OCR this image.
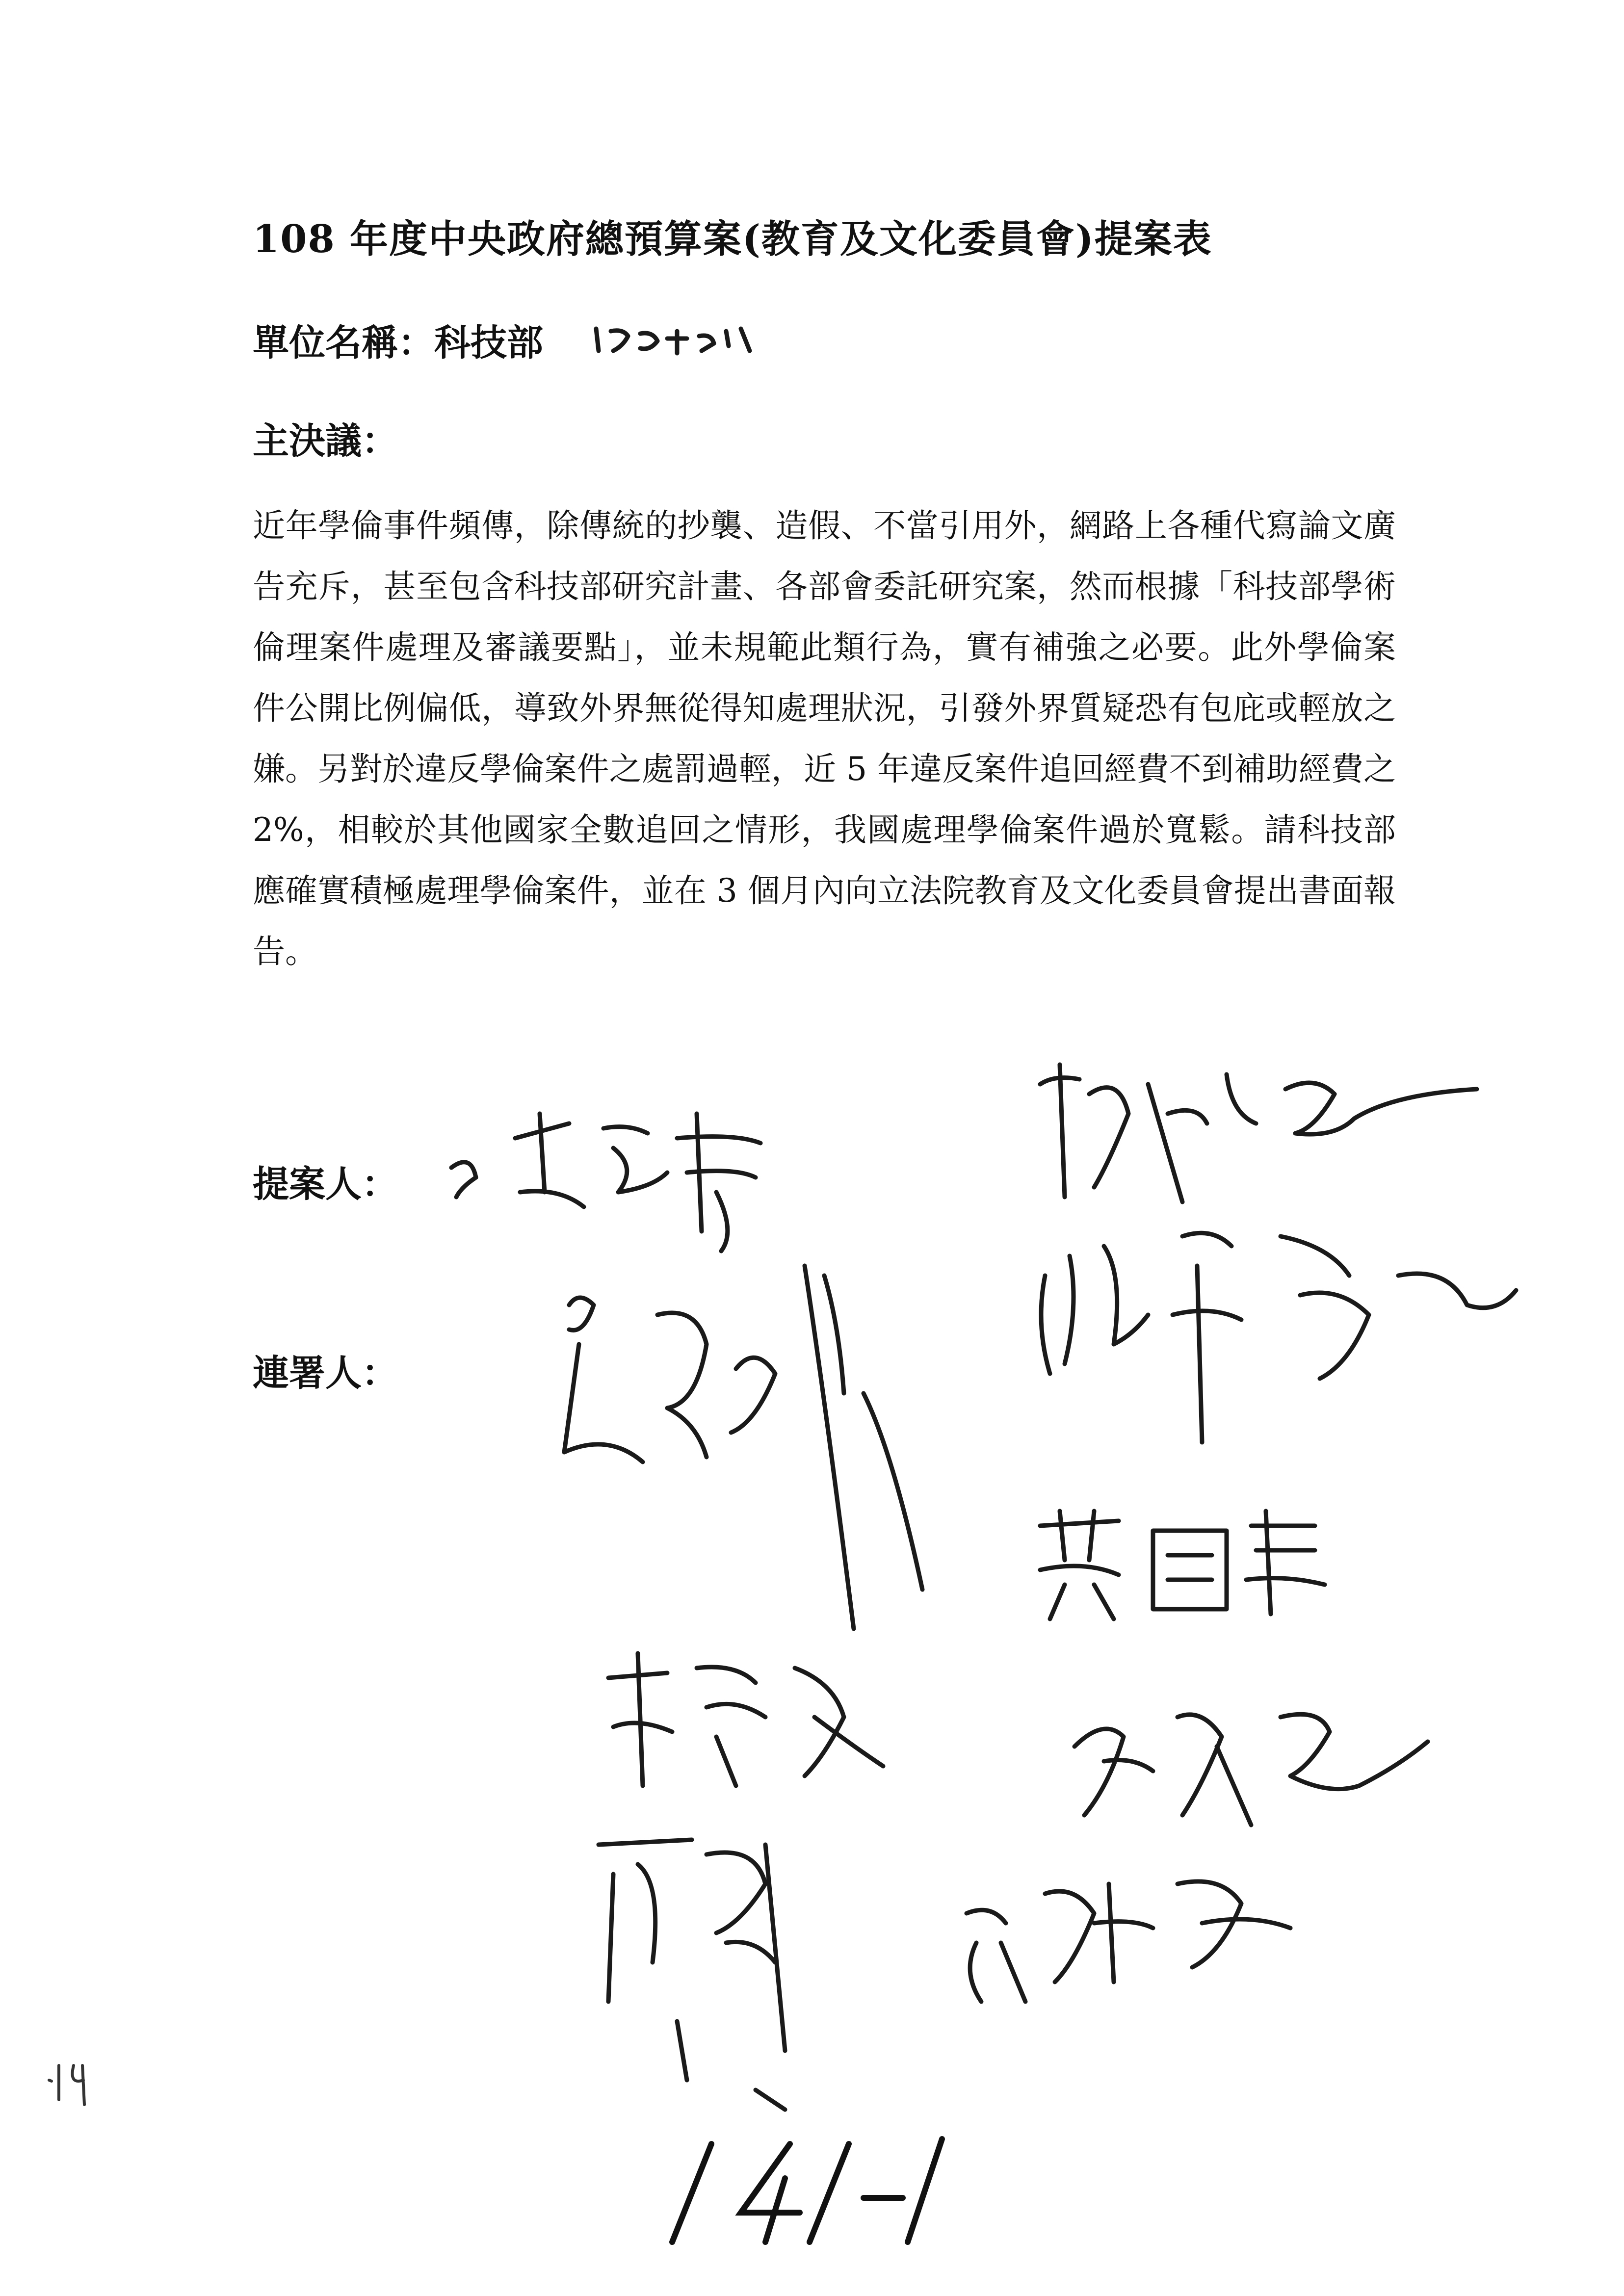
108 年度中央政府總預算案(教育及文化委員會)提案表
單位名稱：科技部
主決議：
近年學倫事件頻傳，除傳統的抄襲、造假、不當引用外，網路上各種代寫論文廣告充斥，甚至包含科技部研究計畫、各部會委託研究案，然而根據「科技部學術倫理案件處理及審議要點」，並未規範此類行為，實有補強之必要。此外學倫案件公開比例偏低，導致外界無從得知處理狀況，引發外界質疑恐有包庇或輕放之嫌。另對於違反學倫案件之處罰過輕，近 5 年違反案件追回經費不到補助經費之 2%，相較於其他國家全數追回之情形，我國處理學倫案件過於寬鬆。請科技部應確實積極處理學倫案件，並在 3 個月內向立法院教育及文化委員會提出書面報告。
提案人：
連署人：
